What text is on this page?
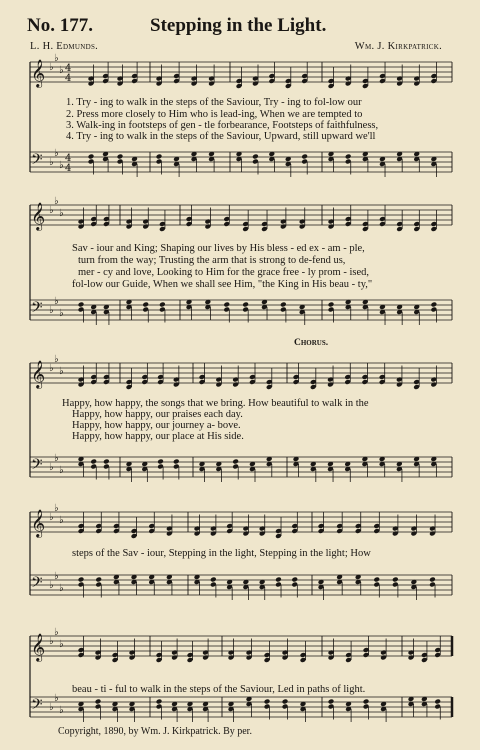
No. 177.	Stepping in the Light.
L. H. Edmunds.	Wm. J. Kirkpatrick.
𝄞 ♭
♭
♭
𝄢 ♭
♭
♭
4
4
4
4
𝄞 ♭
♭
♭
𝄢 ♭
♭
♭
𝄞 ♭
♭
♭
𝄢 ♭
♭
♭
𝄞 ♭
♭
♭
𝄢 ♭
♭
♭
𝄞 ♭
♭
♭
𝄢 ♭
♭
♭
1. Try - ing to walk in the steps of the Saviour, Try - ing to fol-low our
2. Press more closely to Him who is lead-ing, When we are tempted to
3. Walk-ing in footsteps of gen - tle forbearance, Footsteps of faithfulness,
4. Try - ing to walk in the steps of the Saviour, Upward, still upward we'll
Sav - iour and King; Shaping our lives by His bless - ed ex - am - ple,
turn from the way; Trusting the arm that is strong to de-fend us,
mer - cy and love, Looking to Him for the grace free - ly prom - ised,
fol-low our Guide, When we shall see Him, "the King in His beau - ty,"
Chorus.
Happy, how happy, the songs that we bring. How beautiful to walk in the
Happy, how happy, our praises each day.
Happy, how happy, our journey a- bove.
Happy, how happy, our place at His side.
steps of the Sav - iour, Stepping in the light, Stepping in the light; How
beau - ti - ful to walk in the steps of the Saviour, Led in paths of light.
Copyright, 1890, by Wm. J. Kirkpatrick. By per.
